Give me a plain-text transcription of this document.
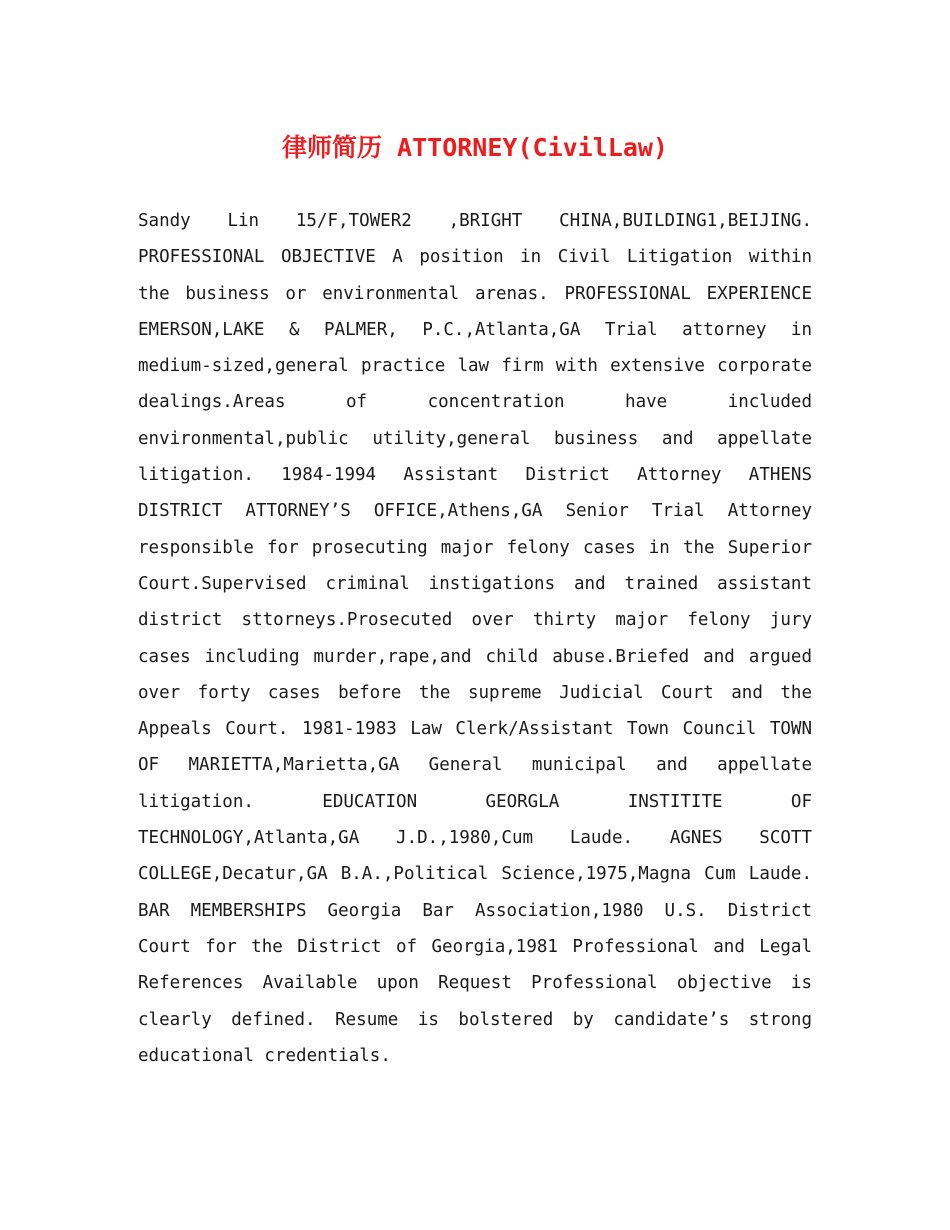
律师简历 ATTORNEY(CivilLaw)

Sandy Lin 15/F,TOWER2 ,BRIGHT CHINA,BUILDING1,BEIJING. PROFESSIONAL OBJECTIVE A position in Civil Litigation within the business or environmental arenas. PROFESSIONAL EXPERIENCE EMERSON,LAKE & PALMER, P.C.,Atlanta,GA Trial attorney in medium-sized,general practice law firm with extensive corporate dealings.Areas of concentration have included environmental,public utility,general business and appellate litigation. 1984-1994 Assistant District Attorney ATHENS DISTRICT ATTORNEY’S OFFICE,Athens,GA Senior Trial Attorney responsible for prosecuting major felony cases in the Superior Court.Supervised criminal instigations and trained assistant district sttorneys.Prosecuted over thirty major felony jury cases including murder,rape,and child abuse.Briefed and argued over forty cases before the supreme Judicial Court and the Appeals Court. 1981-1983 Law Clerk/Assistant Town Council TOWN OF MARIETTA,Marietta,GA General municipal and appellate litigation. EDUCATION GEORGLA INSTITITE OF TECHNOLOGY,Atlanta,GA J.D.,1980,Cum Laude. AGNES SCOTT COLLEGE,Decatur,GA B.A.,Political Science,1975,Magna Cum Laude. BAR MEMBERSHIPS Georgia Bar Association,1980 U.S. District Court for the District of Georgia,1981 Professional and Legal References Available upon Request Professional objective is clearly defined. Resume is bolstered by candidate’s strong educational credentials.
